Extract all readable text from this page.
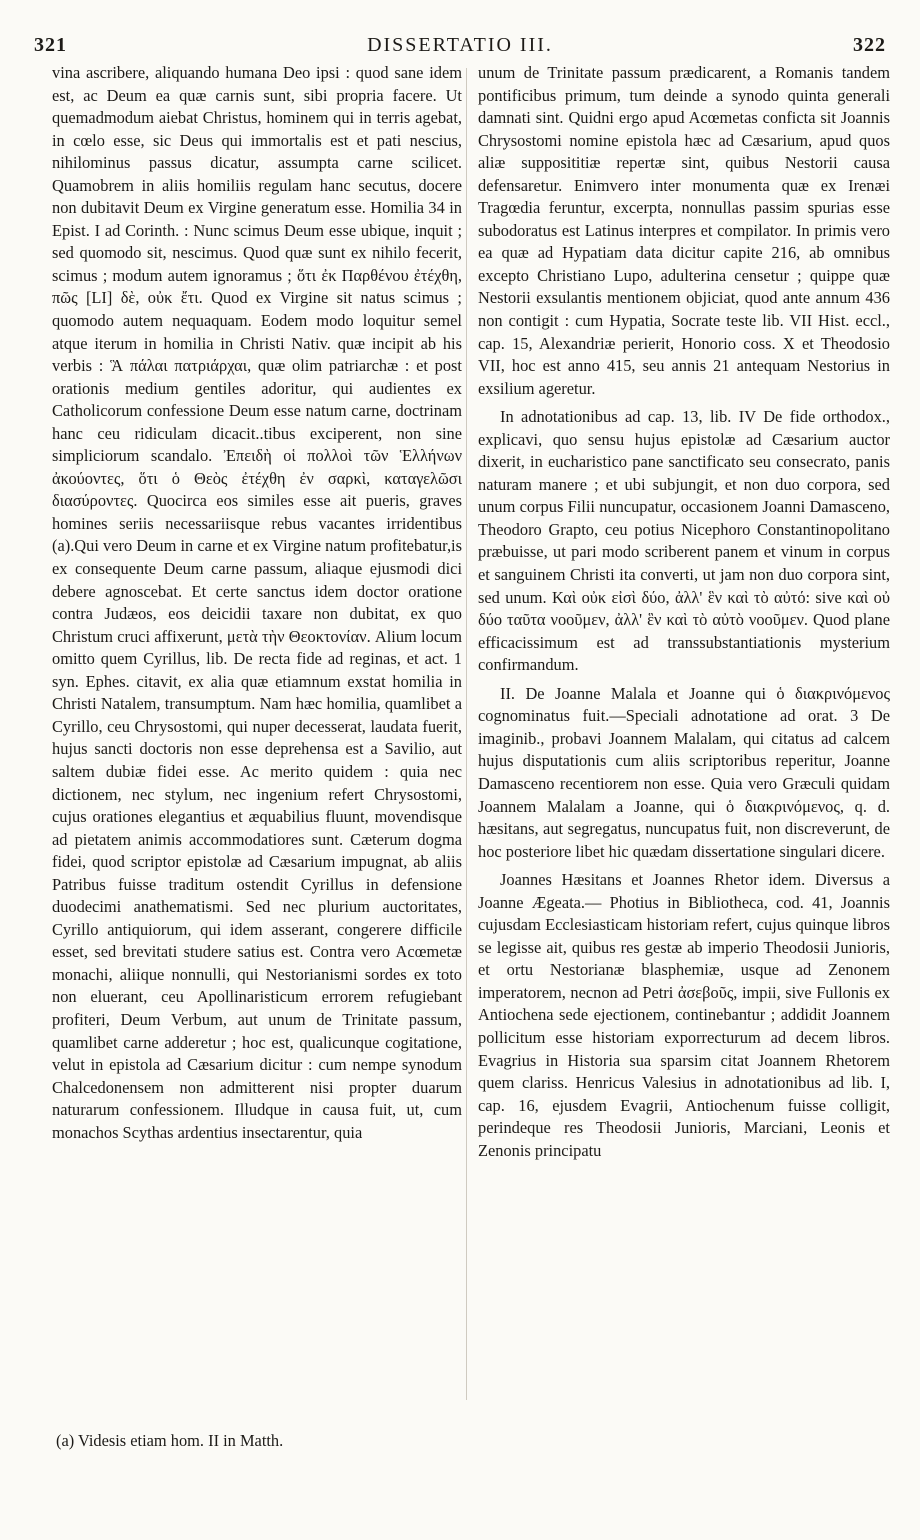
321	DISSERTATIO III.	322

vina ascribere, aliquando humana Deo ipsi : quod sane idem est, ac Deum ea quæ carnis sunt, sibi propria facere. Ut quemadmodum aiebat Christus, hominem qui in terris agebat, in cœlo esse, sic Deus qui immortalis est et pati nescius, nihilominus passus dicatur, assumpta carne scilicet. Quamobrem in aliis homiliis regulam hanc secutus, docere non dubitavit Deum ex Virgine generatum esse. Homilia 34 in Epist. I ad Corinth. : Nunc scimus Deum esse ubique, inquit ; sed quomodo sit, nescimus. Quod quæ sunt ex nihilo fecerit, scimus ; modum autem ignoramus ; ὅτι ἐκ Παρθένου ἐτέχθη, πῶς [LI] δὲ, οὐκ ἔτι. Quod ex Virgine sit natus scimus ; quomodo autem nequaquam. Eodem modo loquitur semel atque iterum in homilia in Christi Nativ. quæ incipit ab his verbis : Ἃ πάλαι πατριάρχαι, quæ olim patriarchæ : et post orationis medium gentiles adoritur, qui audientes ex Catholicorum confessione Deum esse natum carne, doctrinam hanc ceu ridiculam dicacit..tibus exciperent, non sine simpliciorum scandalo. Ἐπειδὴ οἱ πολλοὶ τῶν Ἑλλήνων ἀκούοντες, ὅτι ὁ Θεὸς ἐτέχθη ἐν σαρκὶ, καταγελῶσι διασύροντες. Quocirca eos similes esse ait pueris, graves homines seriis necessariisque rebus vacantes irridentibus (a).Qui vero Deum in carne et ex Virgine natum profitebatur,is ex consequente Deum carne passum, aliaque ejusmodi dici debere agnoscebat. Et certe sanctus idem doctor oratione contra Judæos, eos deicidii taxare non dubitat, ex quo Christum cruci affixerunt, μετὰ τὴν Θεοκτονίαν. Alium locum omitto quem Cyrillus, lib. De recta fide ad reginas, et act. 1 syn. Ephes. citavit, ex alia quæ etiamnum exstat homilia in Christi Natalem, transumptum. Nam hæc homilia, quamlibet a Cyrillo, ceu Chrysostomi, qui nuper decesserat, laudata fuerit, hujus sancti doctoris non esse deprehensa est a Savilio, aut saltem dubiæ fidei esse. Ac merito quidem : quia nec dictionem, nec stylum, nec ingenium refert Chrysostomi, cujus orationes elegantius et æquabilius fluunt, movendisque ad pietatem animis accommodatiores sunt. Cæterum dogma fidei, quod scriptor epistolæ ad Cæsarium impugnat, ab aliis Patribus fuisse traditum ostendit Cyrillus in defensione duodecimi anathematismi. Sed nec plurium auctoritates, Cyrillo antiquiorum, qui idem asserant, congerere difficile esset, sed brevitati studere satius est. Contra vero Acœmetæ monachi, aliique nonnulli, qui Nestorianismi sordes ex toto non eluerant, ceu Apollinaristicum errorem refugiebant profiteri, Deum Verbum, aut unum de Trinitate passum, quamlibet carne adderetur ; hoc est, qualicunque cogitatione, velut in epistola ad Cæsarium dicitur : cum nempe synodum Chalcedonensem non admitterent nisi propter duarum naturarum confessionem. Illudque in causa fuit, ut, cum monachos Scythas ardentius insectarentur, quia

unum de Trinitate passum prædicarent, a Romanis tandem pontificibus primum, tum deinde a synodo quinta generali damnati sint. Quidni ergo apud Acœmetas conficta sit Joannis Chrysostomi nomine epistola hæc ad Cæsarium, apud quos aliæ supposititiæ repertæ sint, quibus Nestorii causa defensaretur. Enimvero inter monumenta quæ ex Irenæi Tragœdia feruntur, excerpta, nonnullas passim spurias esse subodoratus est Latinus interpres et compilator. In primis vero ea quæ ad Hypatiam data dicitur capite 216, ab omnibus excepto Christiano Lupo, adulterina censetur ; quippe quæ Nestorii exsulantis mentionem objiciat, quod ante annum 436 non contigit : cum Hypatia, Socrate teste lib. VII Hist. eccl., cap. 15, Alexandriæ perierit, Honorio coss. X et Theodosio VII, hoc est anno 415, seu annis 21 antequam Nestorius in exsilium ageretur.

In adnotationibus ad cap. 13, lib. IV De fide orthodox., explicavi, quo sensu hujus epistolæ ad Cæsarium auctor dixerit, in eucharistico pane sanctificato seu consecrato, panis naturam manere ; et ubi subjungit, et non duo corpora, sed unum corpus Filii nuncupatur, occasionem Joanni Damasceno, Theodoro Grapto, ceu potius Nicephoro Constantinopolitano præbuisse, ut pari modo scriberent panem et vinum in corpus et sanguinem Christi ita converti, ut jam non duo corpora sint, sed unum. Καὶ οὐκ εἰσὶ δύο, ἀλλ' ἓν καὶ τὸ αὐτό: sive καὶ οὐ δύο ταῦτα νοοῦμεν, ἀλλ' ἓν καὶ τὸ αὐτὸ νοοῦμεν. Quod plane efficacissimum est ad transsubstantiationis mysterium confirmandum.

II. De Joanne Malala et Joanne qui ὁ διακρινόμενος cognominatus fuit.—Speciali adnotatione ad orat. 3 De imaginib., probavi Joannem Malalam, qui citatus ad calcem hujus disputationis cum aliis scriptoribus reperitur, Joanne Damasceno recentiorem non esse. Quia vero Græculi quidam Joannem Malalam a Joanne, qui ὁ διακρινόμενος, q. d. hæsitans, aut segregatus, nuncupatus fuit, non discreverunt, de hoc posteriore libet hic quædam dissertatione singulari dicere.

Joannes Hæsitans et Joannes Rhetor idem. Diversus a Joanne Ægeata.— Photius in Bibliotheca, cod. 41, Joannis cujusdam Ecclesiasticam historiam refert, cujus quinque libros se legisse ait, quibus res gestæ ab imperio Theodosii Junioris, et ortu Nestorianæ blasphemiæ, usque ad Zenonem imperatorem, necnon ad Petri ἀσεβοῦς, impii, sive Fullonis ex Antiochena sede ejectionem, continebantur ; addidit Joannem pollicitum esse historiam exporrecturum ad decem libros. Evagrius in Historia sua sparsim citat Joannem Rhetorem quem clariss. Henricus Valesius in adnotationibus ad lib. I, cap. 16, ejusdem Evagrii, Antiochenum fuisse colligit, perindeque res Theodosii Junioris, Marciani, Leonis et Zenonis principatu

(a) Videsis etiam hom. II in Matth.
